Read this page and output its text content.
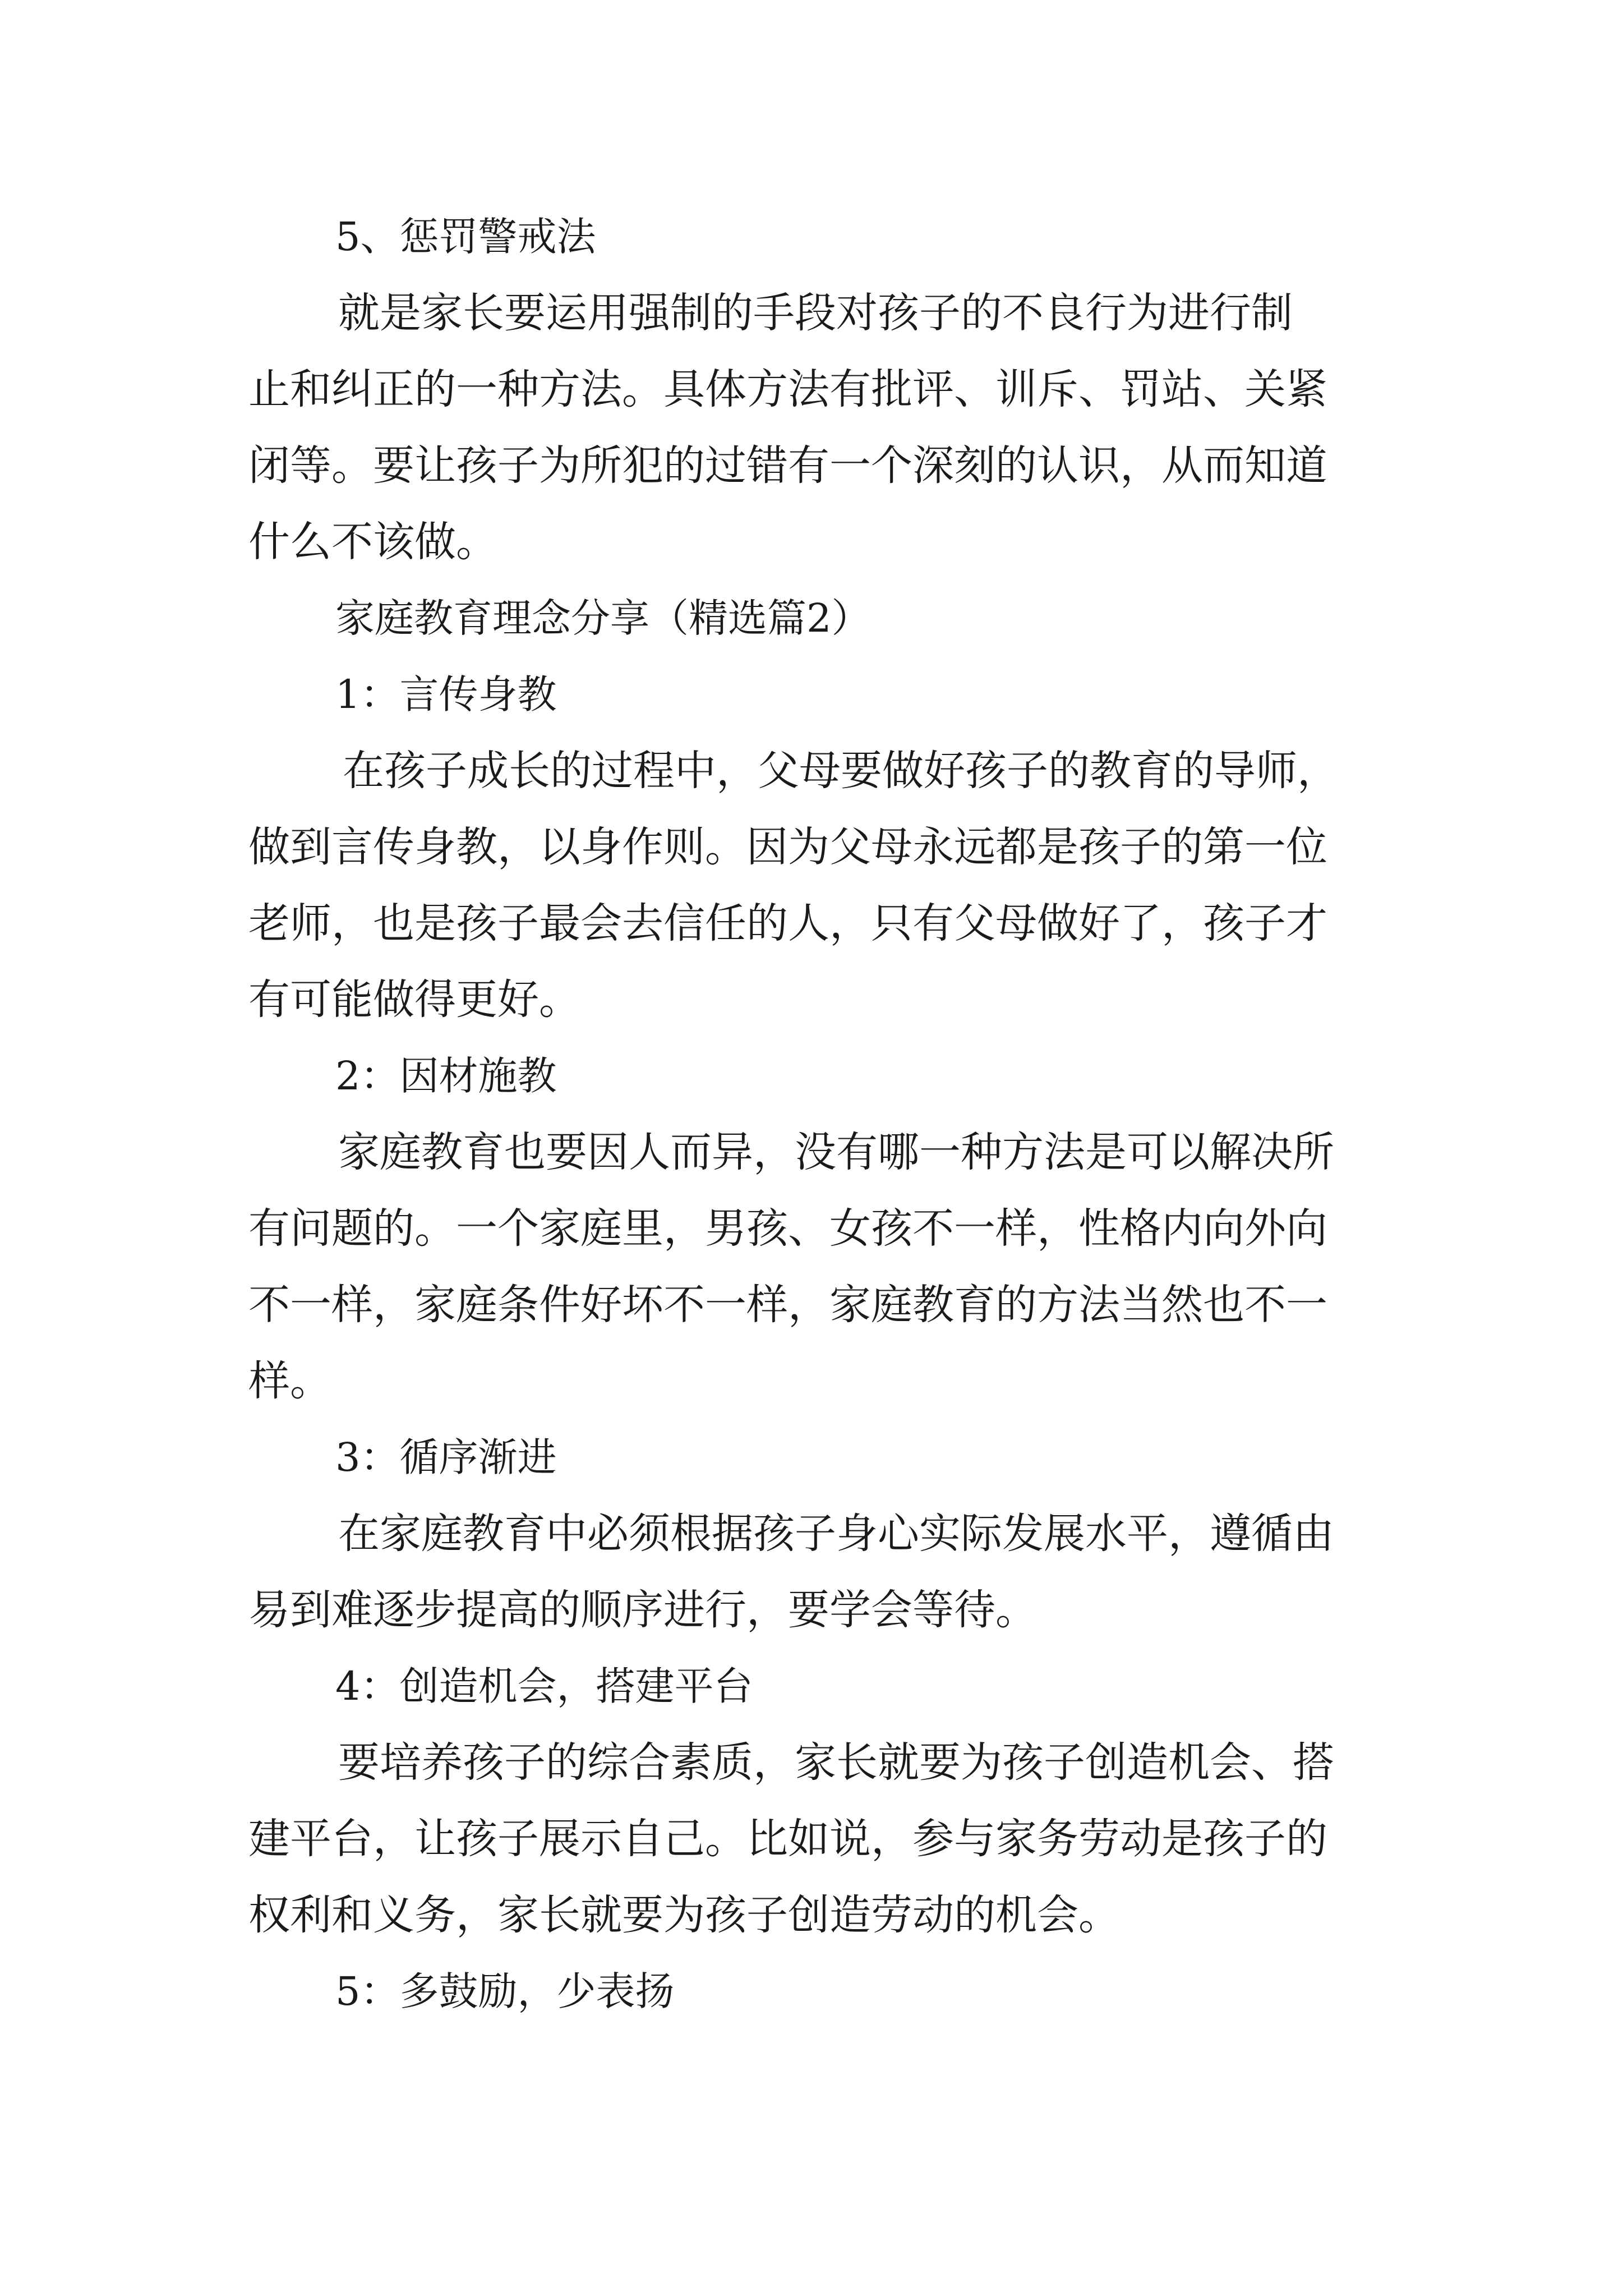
5、惩罚警戒法
就是家长要运用强制的手段对孩子的不良行为进行制
止和纠正的一种方法。具体方法有批评、训斥、罚站、关紧
闭等。要让孩子为所犯的过错有一个深刻的认识，从而知道
什么不该做。
家庭教育理念分享（精选篇2）
1：言传身教
在孩子成长的过程中，父母要做好孩子的教育的导师，
做到言传身教，以身作则。因为父母永远都是孩子的第一位
老师，也是孩子最会去信任的人，只有父母做好了，孩子才
有可能做得更好。
2：因材施教
家庭教育也要因人而异，没有哪一种方法是可以解决所
有问题的。一个家庭里，男孩、女孩不一样，性格内向外向
不一样，家庭条件好坏不一样，家庭教育的方法当然也不一
样。
3：循序渐进
在家庭教育中必须根据孩子身心实际发展水平，遵循由
易到难逐步提高的顺序进行，要学会等待。
4：创造机会，搭建平台
要培养孩子的综合素质，家长就要为孩子创造机会、搭
建平台，让孩子展示自己。比如说，参与家务劳动是孩子的
权利和义务，家长就要为孩子创造劳动的机会。
5：多鼓励，少表扬
